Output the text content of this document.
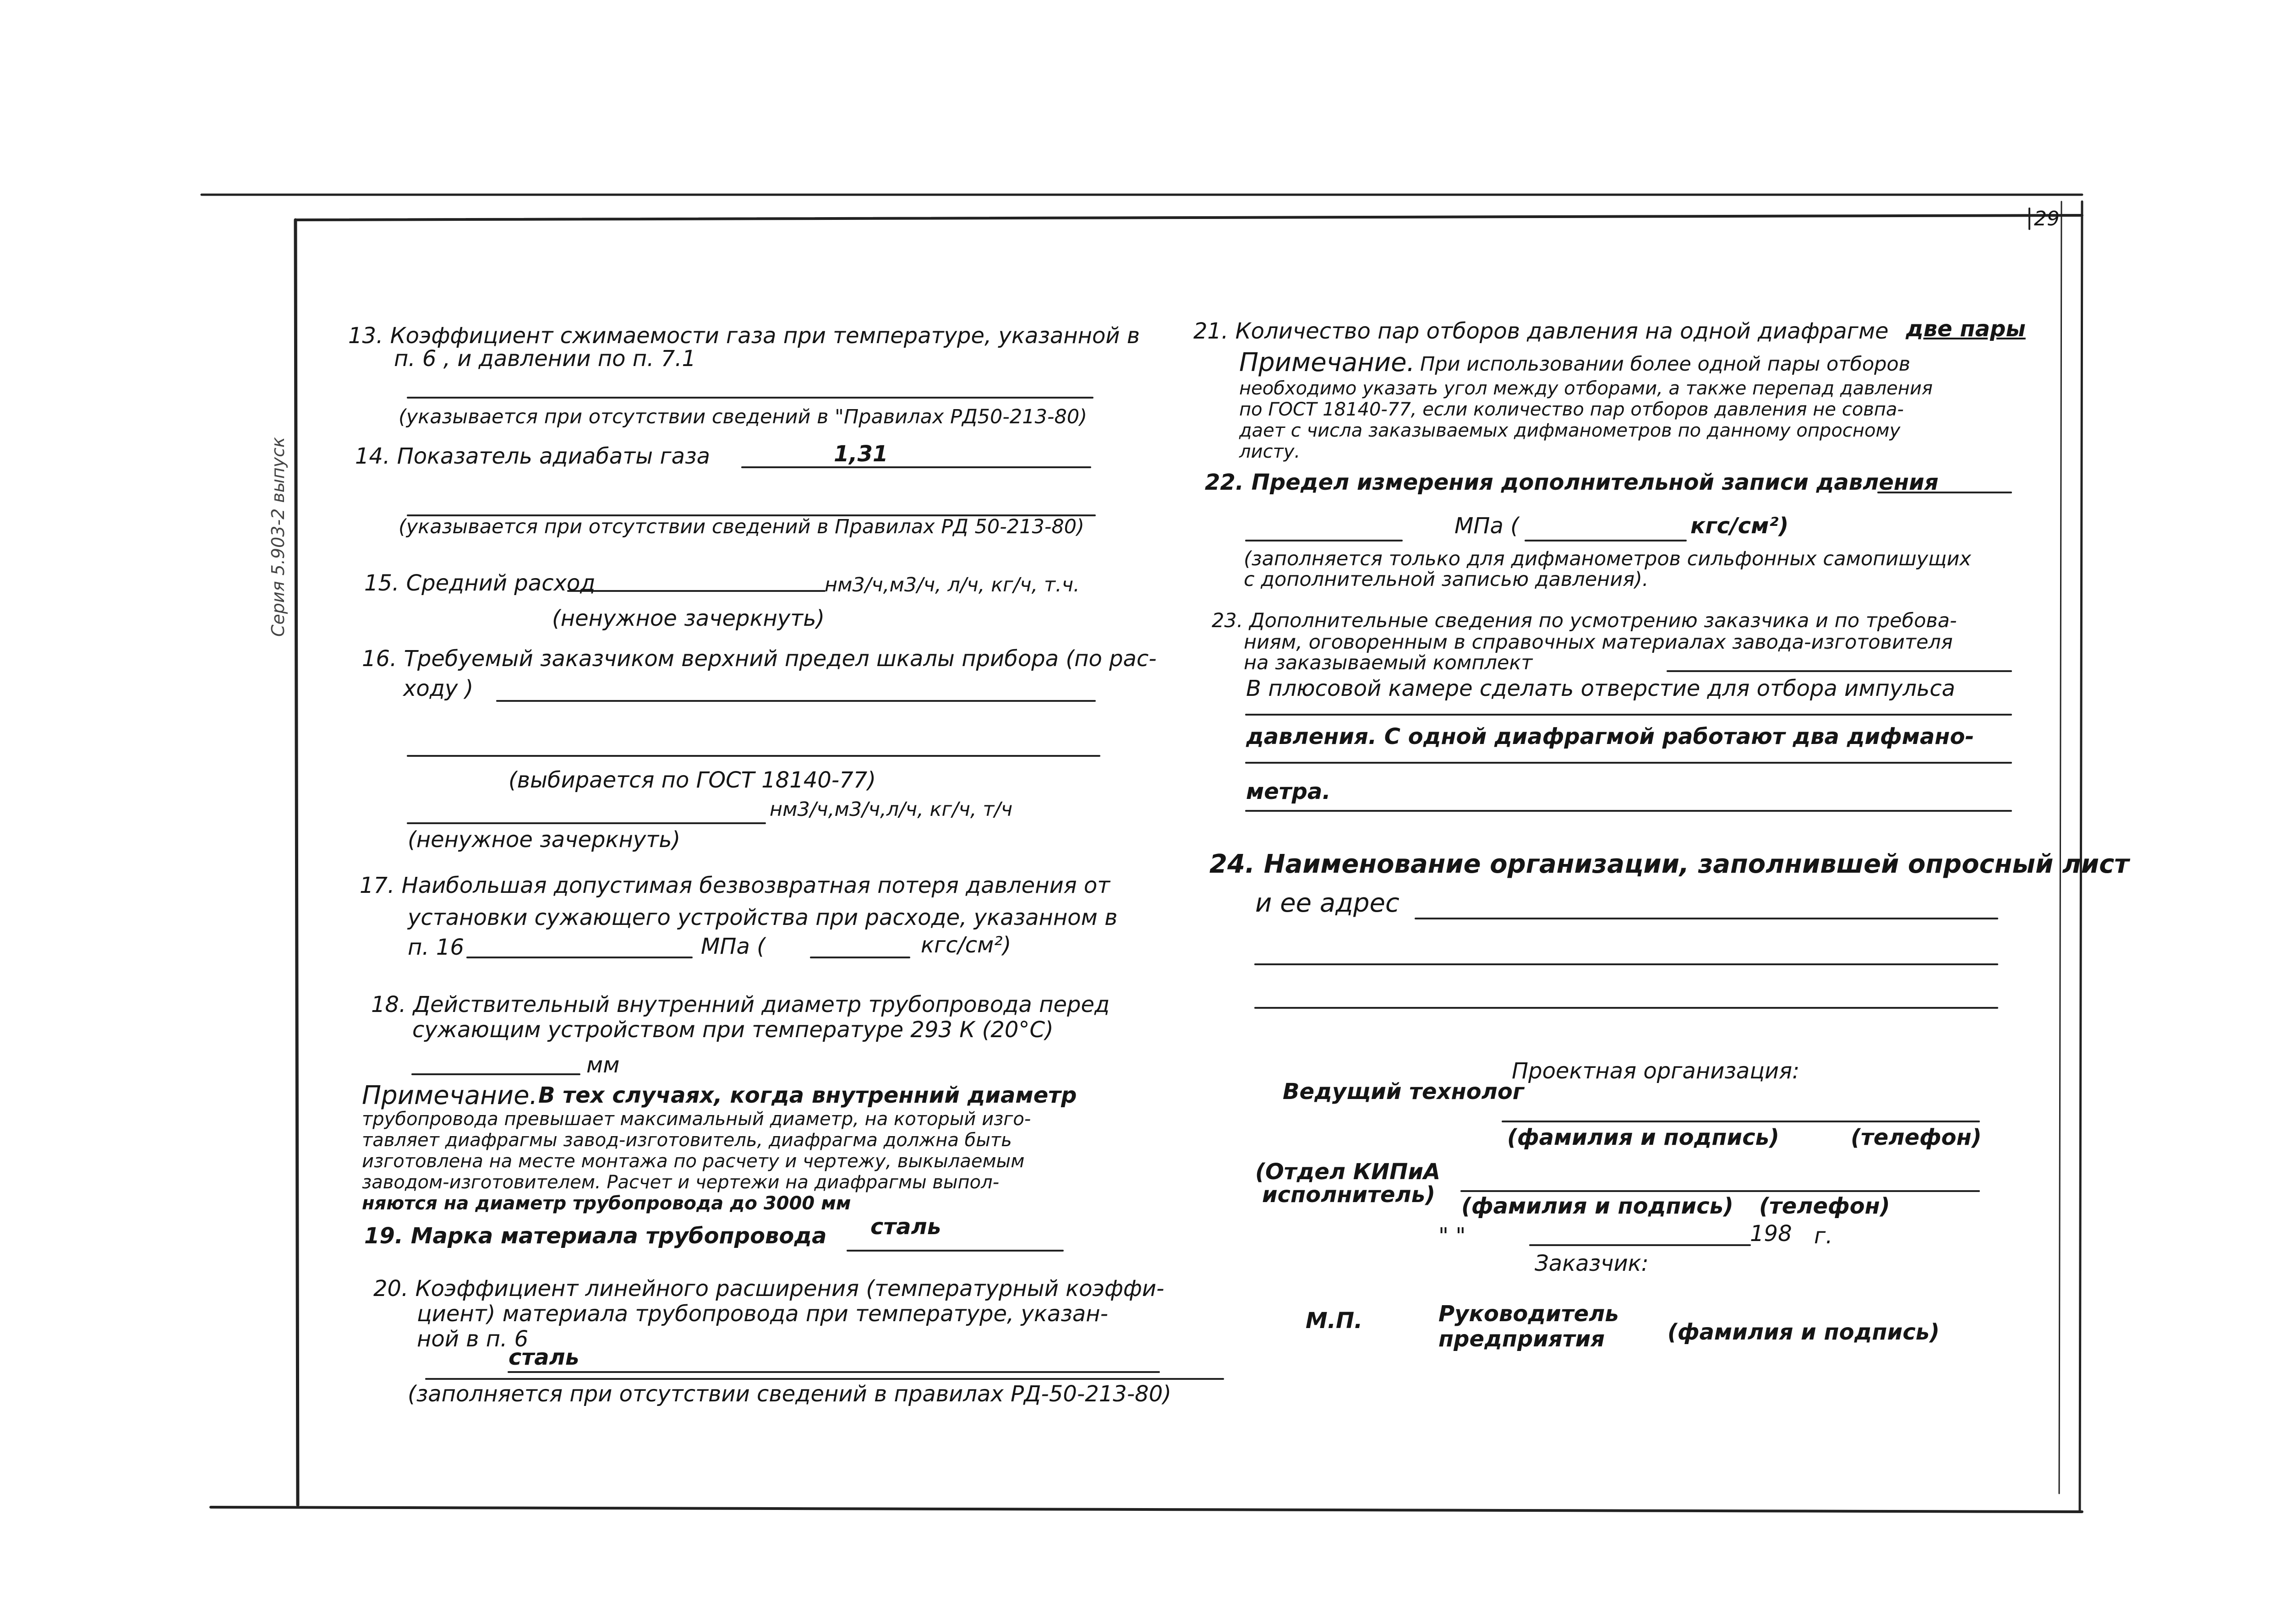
29
Серия 5.903-2 выпуск
13. Коэффициент сжимаемости газа при температуре, указанной в
п. 6 , и давлении по п. 7.1
(указывается при отсутствии сведений в "Правилах РД50-213-80)
14. Показатель адиабаты газа	1,31
(указывается при отсутствии сведений в Правилах РД 50-213-80)
15. Средний расход	нм3/ч,м3/ч, л/ч, кг/ч, т.ч.
(ненужное зачеркнуть)
16. Требуемый заказчиком верхний предел шкалы прибора (по рас-
ходу )
(выбирается по ГОСТ 18140-77)
нм3/ч,м3/ч,л/ч, кг/ч, т/ч
(ненужное зачеркнуть)
17. Наибольшая допустимая безвозвратная потеря давления от
установки сужающего устройства при расходе, указанном в
п. 16	МПа (	кгс/см²)
18. Действительный внутренний диаметр трубопровода перед
сужающим устройством при температуре 293 К (20°С)
мм
Примечание. В тех случаях, когда внутренний диаметр
трубопровода превышает максимальный диаметр, на который изго-
тавляет диафрагмы завод-изготовитель, диафрагма должна быть
изготовлена на месте монтажа по расчету и чертежу, выкылаемым
заводом-изготовителем. Расчет и чертежи на диафрагмы выпол-
няются на диаметр трубопровода до 3000 мм
19. Марка материала трубопровода сталь
20. Коэффициент линейного расширения (температурный коэффи-
циент) материала трубопровода при температуре, указан-
ной в п. 6
сталь
(заполняется при отсутствии сведений в правилах РД-50-213-80)
21. Количество пар отборов давления на одной диафрагме две пары
Примечание. При использовании более одной пары отборов
необходимо указать угол между отборами, а также перепад давления
по ГОСТ 18140-77, если количество пар отборов давления не совпа-
дает с числа заказываемых дифманометров по данному опросному
листу.
22. Предел измерения дополнительной записи давления
МПа (	кгс/см²)
(заполняется только для дифманометров сильфонных самопишущих
с дополнительной записью давления).
23. Дополнительные сведения по усмотрению заказчика и по требова-
ниям, оговоренным в справочных материалах завода-изготовителя
на заказываемый комплект
В плюсовой камере сделать отверстие для отбора импульса
давления. С одной диафрагмой работают два дифмано-
метра.
24. Наименование организации, заполнившей опросный лист
и ее адрес
Проектная организация:
Ведущий технолог
(фамилия и подпись)	(телефон)
(Отдел КИПиА
исполнитель) (фамилия и подпись) (телефон)
" "	198 г.
Заказчик:
М.П.	Руководитель
предприятия	(фамилия и подпись)
